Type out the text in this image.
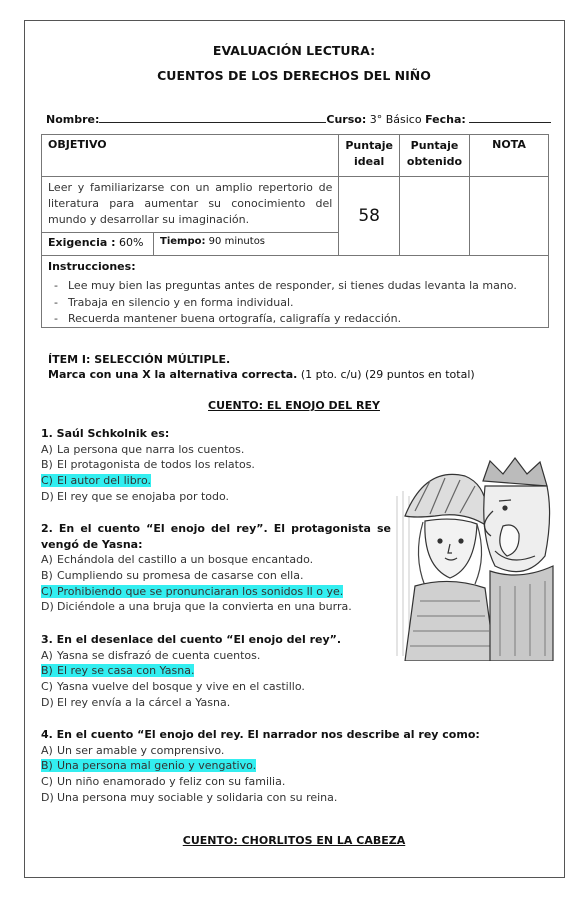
EVALUACIÓN LECTURA:
CUENTOS DE LOS DERECHOS DEL NIÑO
Nombre:	Curso: 3° Básico Fecha:
OBJETIVO		Puntaje ideal	Puntaje obtenido	NOTA
Leer y familiarizarse con un amplio repertorio de literatura para aumentar su conocimiento del mundo y desarrollar su imaginación.		58		
Exigencia : 60%	Tiempo: 90 minutos			
Instrucciones:
- Lee muy bien las preguntas antes de responder, si tienes dudas levanta la mano.
- Trabaja en silencio y en forma individual.
- Recuerda mantener buena ortografía, caligrafía y redacción.
ÍTEM I: SELECCIÓN MÚLTIPLE.
Marca con una X la alternativa correcta. (1 pto. c/u) (29 puntos en total)
CUENTO: EL ENOJO DEL REY
1. Saúl Schkolnik es:
A) La persona que narra los cuentos.
B) El protagonista de todos los relatos.
C) El autor del libro.
D) El rey que se enojaba por todo.
2. En el cuento “El enojo del rey”. El protagonista se vengó de Yasna:
A) Echándola del castillo a un bosque encantado.
B) Cumpliendo su promesa de casarse con ella.
C) Prohibiendo que se pronunciaran los sonidos ll o ye.
D) Diciéndole a una bruja que la convierta en una burra.
3. En el desenlace del cuento “El enojo del rey”.
A) Yasna se disfrazó de cuenta cuentos.
B) El rey se casa con Yasna.
C) Yasna vuelve del bosque y vive en el castillo.
D) El rey envía a la cárcel a Yasna.
4. En el cuento “El enojo del rey. El narrador nos describe al rey como:
A) Un ser amable y comprensivo.
B) Una persona mal genio y vengativo.
C) Un niño enamorado y feliz con su familia.
D) Una persona muy sociable y solidaria con su reina.
CUENTO: CHORLITOS EN LA CABEZA
